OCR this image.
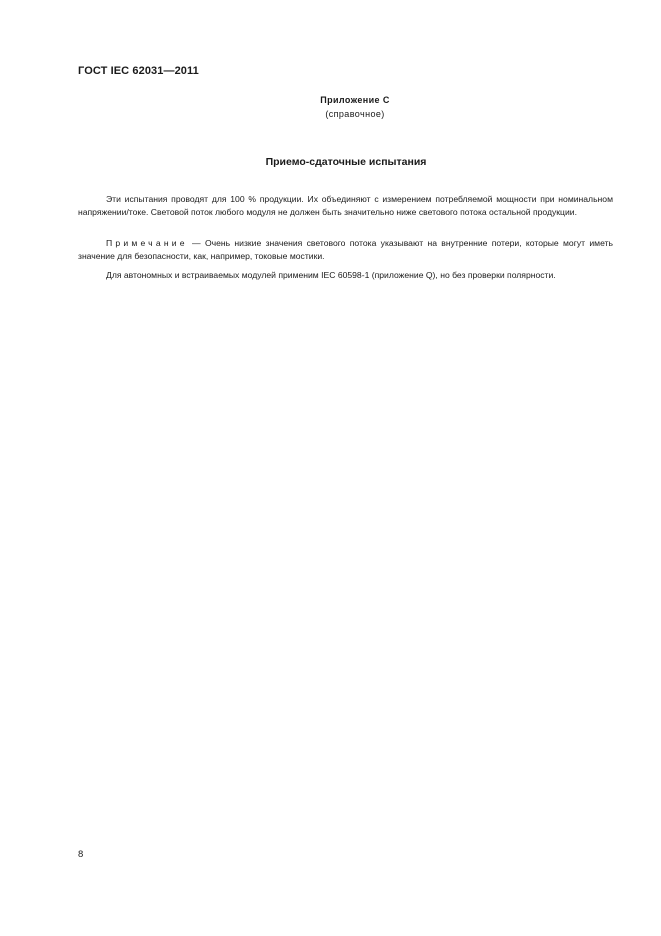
ГОСТ IEC 62031—2011
Приложение С
(справочное)
Приемо-сдаточные испытания

Эти испытания проводят для 100 % продукции. Их объединяют с измерением потребляемой мощности при номинальном напряжении/токе. Световой поток любого модуля не должен быть значительно ниже светового потока остальной продукции.

Примечание — Очень низкие значения светового потока указывают на внутренние потери, которые могут иметь значение для безопасности, как, например, токовые мостики.

Для автономных и встраиваемых модулей применим IEC 60598-1 (приложение Q), но без проверки полярности.

8
